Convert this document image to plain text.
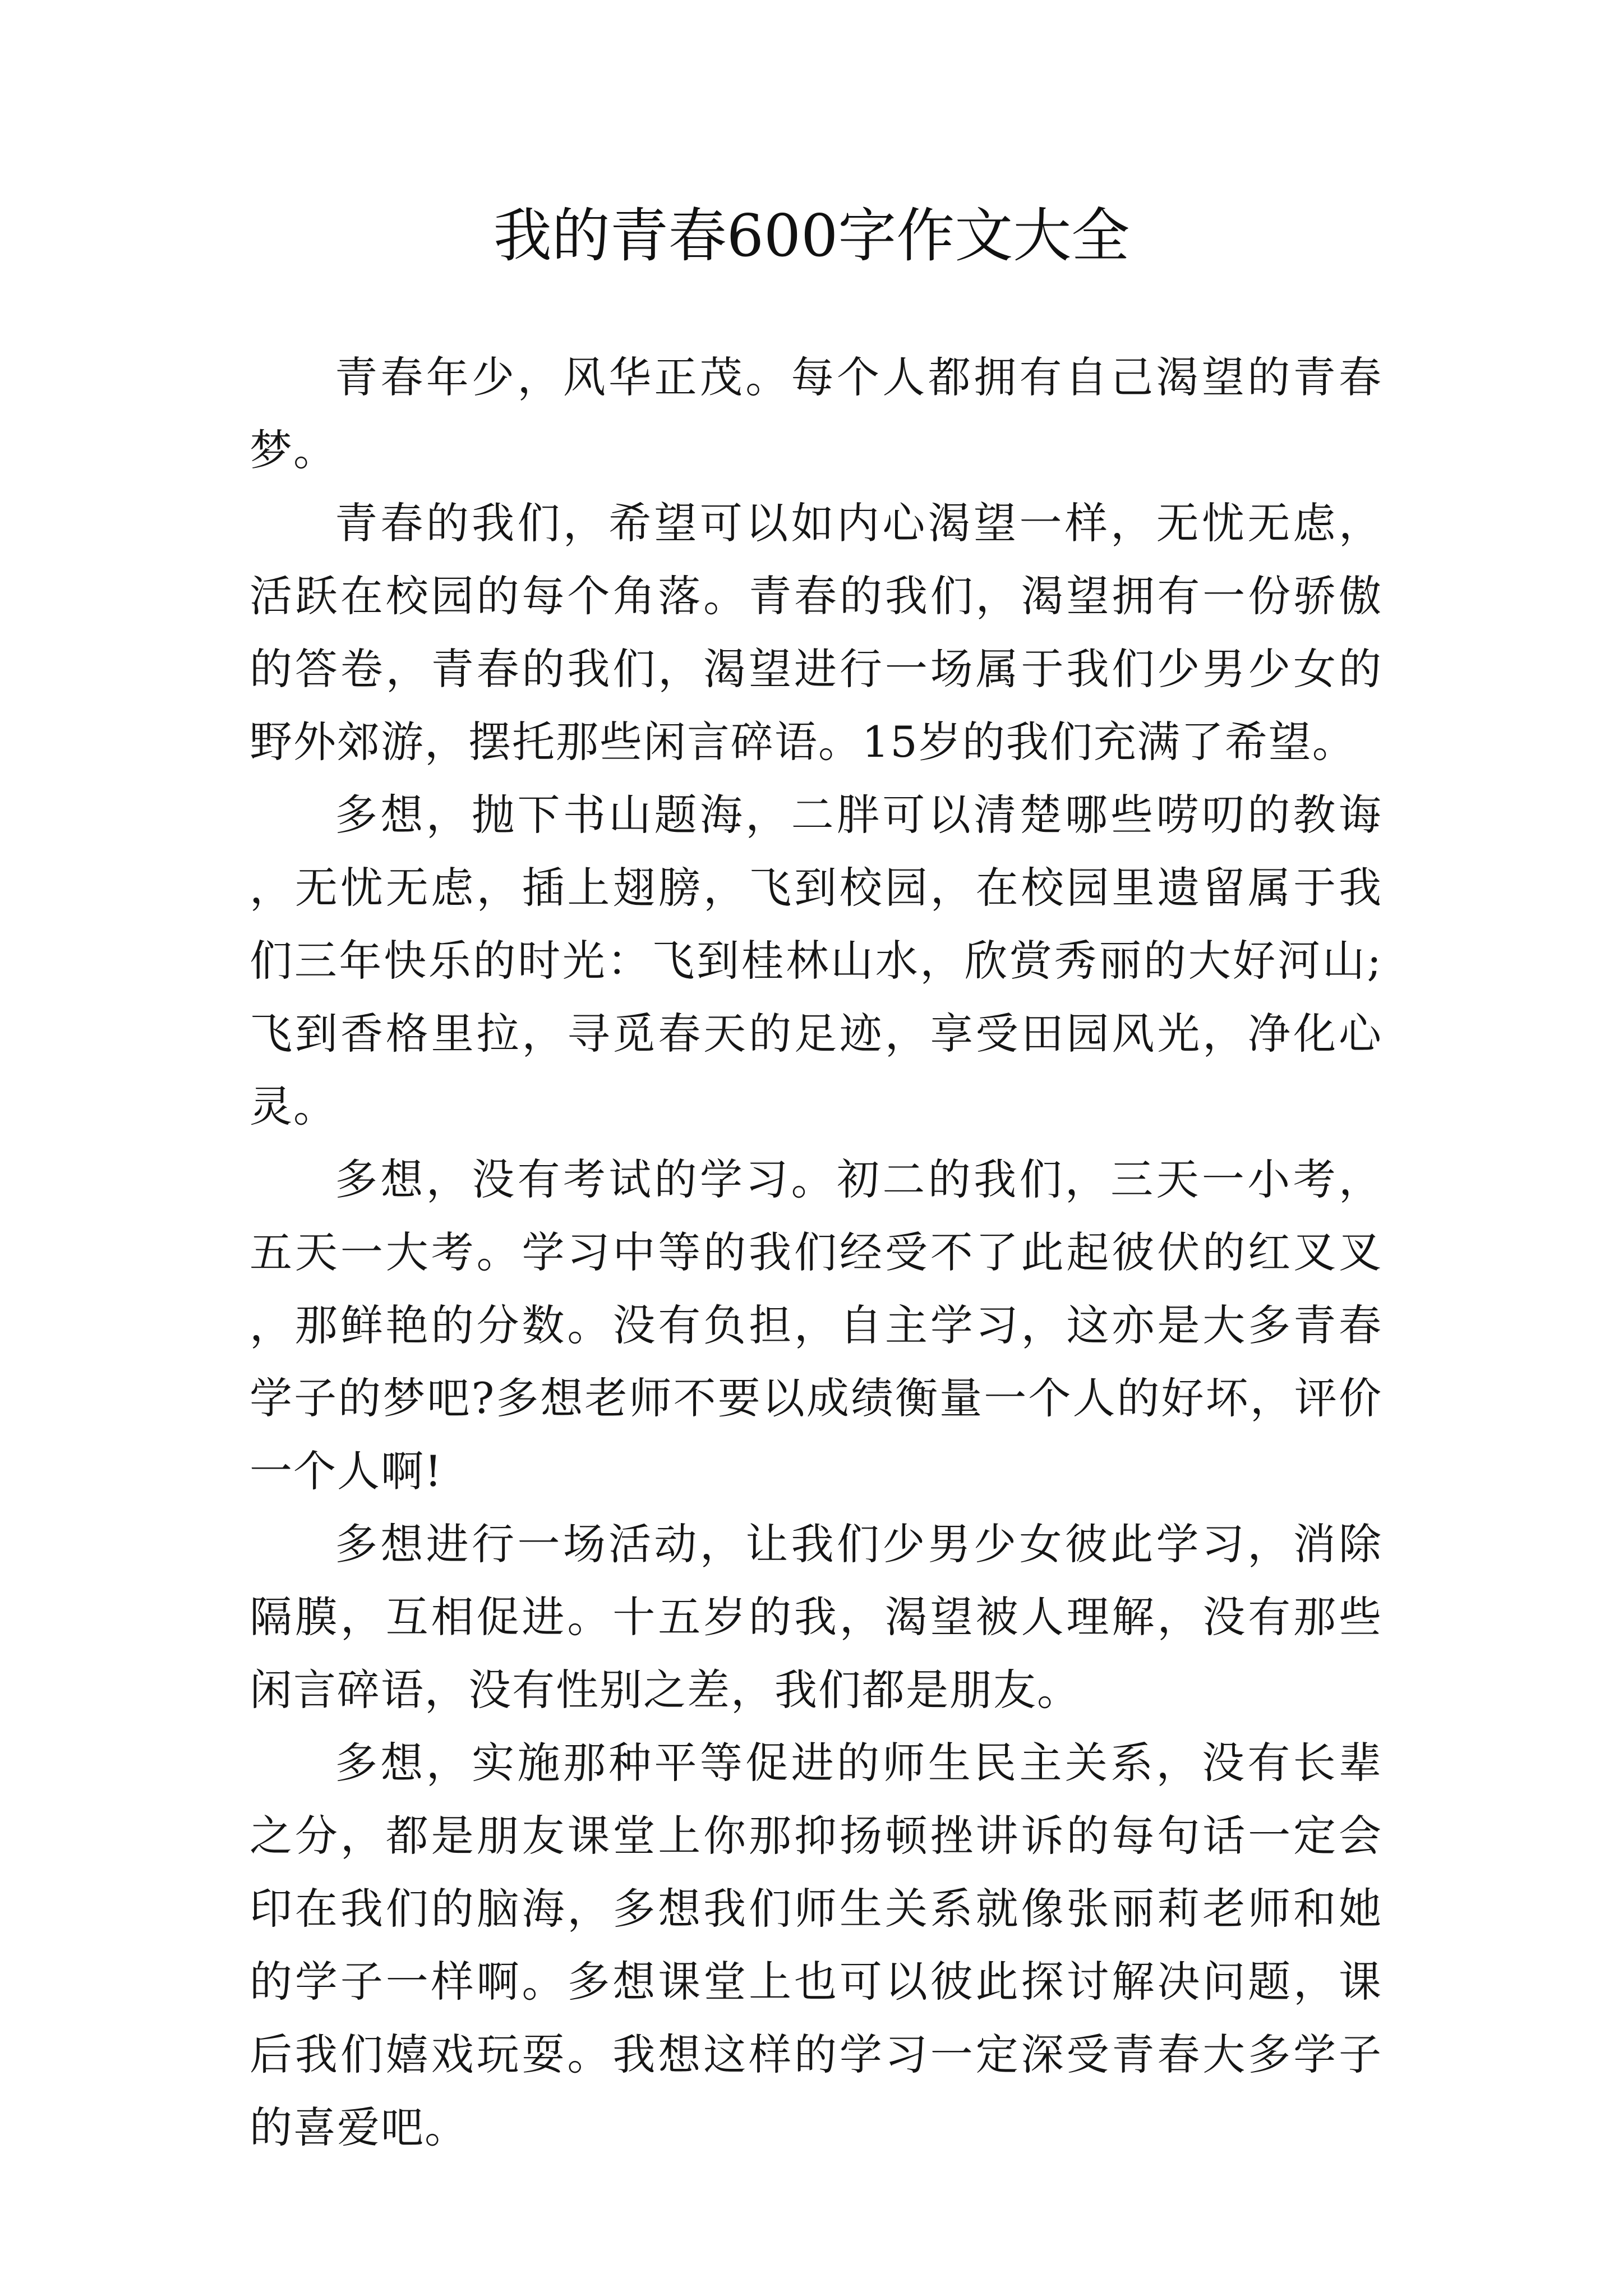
我的青春600字作文大全

青春年少，风华正茂。每个人都拥有自己渴望的青春梦。

青春的我们，希望可以如内心渴望一样，无忧无虑，活跃在校园的每个角落。青春的我们，渴望拥有一份骄傲的答卷，青春的我们，渴望进行一场属于我们少男少女的野外郊游，摆托那些闲言碎语。15岁的我们充满了希望。

多想，抛下书山题海，二胖可以清楚哪些唠叨的教诲，无忧无虑，插上翅膀，飞到校园，在校园里遗留属于我们三年快乐的时光：飞到桂林山水，欣赏秀丽的大好河山;飞到香格里拉，寻觅春天的足迹，享受田园风光，净化心灵。

多想，没有考试的学习。初二的我们，三天一小考，五天一大考。学习中等的我们经受不了此起彼伏的红叉叉，那鲜艳的分数。没有负担，自主学习，这亦是大多青春学子的梦吧?多想老师不要以成绩衡量一个人的好坏，评价一个人啊!

多想进行一场活动，让我们少男少女彼此学习，消除隔膜，互相促进。十五岁的我，渴望被人理解，没有那些闲言碎语，没有性别之差，我们都是朋友。

多想，实施那种平等促进的师生民主关系，没有长辈之分，都是朋友课堂上你那抑扬顿挫讲诉的每句话一定会印在我们的脑海，多想我们师生关系就像张丽莉老师和她的学子一样啊。多想课堂上也可以彼此探讨解决问题，课后我们嬉戏玩耍。我想这样的学习一定深受青春大多学子的喜爱吧。
